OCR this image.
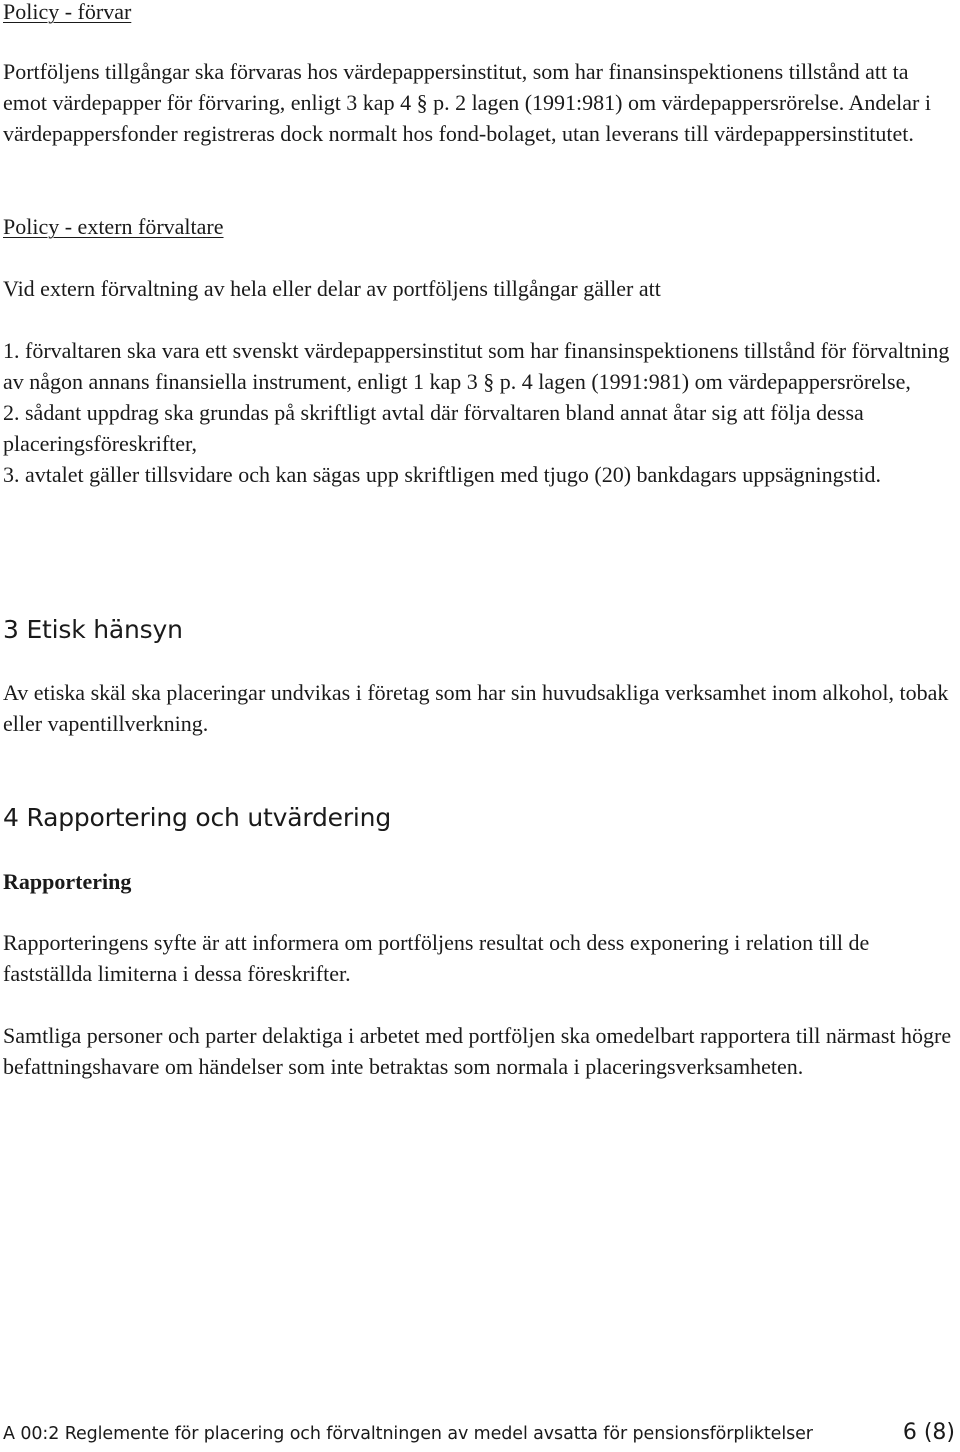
Policy - förvar

Portföljens tillgångar ska förvaras hos värdepappersinstitut, som har finansinspektionens tillstånd att ta emot värdepapper för förvaring, enligt 3 kap 4 § p. 2 lagen (1991:981) om värdepappersrörelse. Andelar i värdepappersfonder registreras dock normalt hos fond-bolaget, utan leverans till värdepappersinstitutet.

Policy - extern förvaltare

Vid extern förvaltning av hela eller delar av portföljens tillgångar gäller att

1. förvaltaren ska vara ett svenskt värdepappersinstitut som har finansinspektionens tillstånd för förvaltning av någon annans finansiella instrument, enligt 1 kap 3 § p. 4 lagen (1991:981) om värdepappersrörelse,
2. sådant uppdrag ska grundas på skriftligt avtal där förvaltaren bland annat åtar sig att följa dessa placeringsföreskrifter,
3. avtalet gäller tillsvidare och kan sägas upp skriftligen med tjugo (20) bankdagars uppsägningstid.
3 Etisk hänsyn

Av etiska skäl ska placeringar undvikas i företag som har sin huvudsakliga verksamhet inom alkohol, tobak eller vapentillverkning.

4 Rapportering och utvärdering
Rapportering

Rapporteringens syfte är att informera om portföljens resultat och dess exponering i relation till de fastställda limiterna i dessa föreskrifter.

Samtliga personer och parter delaktiga i arbetet med portföljen ska omedelbart rapportera till närmast högre befattningshavare om händelser som inte betraktas som normala i placeringsverksamheten.

A 00:2 Reglemente för placering och förvaltningen av medel avsatta för pensionsförpliktelser	6 (8)
